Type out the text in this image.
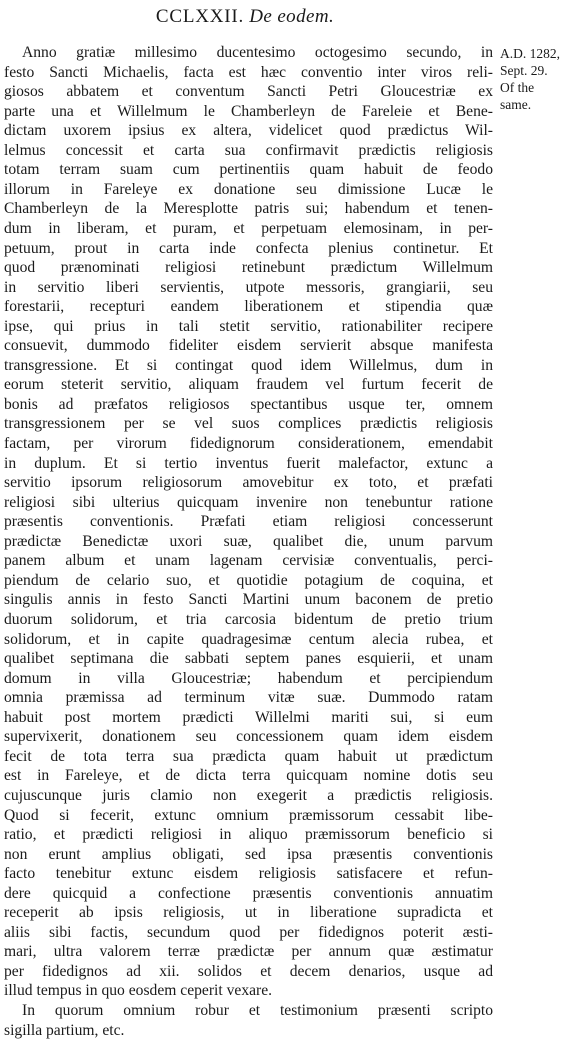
CCLXXII. De eodem.
A.D. 1282,
Sept. 29.
Of the
same.
Anno gratiæ millesimo ducentesimo octogesimo secundo, in
festo Sancti Michaelis, facta est hæc conventio inter viros reli-
giosos abbatem et conventum Sancti Petri Gloucestriæ ex
parte una et Willelmum le Chamberleyn de Fareleie et Bene-
dictam uxorem ipsius ex altera, videlicet quod prædictus Wil-
lelmus concessit et carta sua confirmavit prædictis religiosis
totam terram suam cum pertinentiis quam habuit de feodo
illorum in Fareleye ex donatione seu dimissione Lucæ le
Chamberleyn de la Meresplotte patris sui; habendum et tenen-
dum in liberam, et puram, et perpetuam elemosinam, in per-
petuum, prout in carta inde confecta plenius continetur. Et
quod prænominati religiosi retinebunt prædictum Willelmum
in servitio liberi servientis, utpote messoris, grangiarii, seu
forestarii, recepturi eandem liberationem et stipendia quæ
ipse, qui prius in tali stetit servitio, rationabiliter recipere
consuevit, dummodo fideliter eisdem servierit absque manifesta
transgressione. Et si contingat quod idem Willelmus, dum in
eorum steterit servitio, aliquam fraudem vel furtum fecerit de
bonis ad præfatos religiosos spectantibus usque ter, omnem
transgressionem per se vel suos complices prædictis religiosis
factam, per virorum fidedignorum considerationem, emendabit
in duplum. Et si tertio inventus fuerit malefactor, extunc a
servitio ipsorum religiosorum amovebitur ex toto, et præfati
religiosi sibi ulterius quicquam invenire non tenebuntur ratione
præsentis conventionis. Præfati etiam religiosi concesserunt
prædictæ Benedictæ uxori suæ, qualibet die, unum parvum
panem album et unam lagenam cervisiæ conventualis, perci-
piendum de celario suo, et quotidie potagium de coquina, et
singulis annis in festo Sancti Martini unum baconem de pretio
duorum solidorum, et tria carcosia bidentum de pretio trium
solidorum, et in capite quadragesimæ centum alecia rubea, et
qualibet septimana die sabbati septem panes esquierii, et unam
domum in villa Gloucestriæ; habendum et percipiendum
omnia præmissa ad terminum vitæ suæ. Dummodo ratam
habuit post mortem prædicti Willelmi mariti sui, si eum
supervixerit, donationem seu concessionem quam idem eisdem
fecit de tota terra sua prædicta quam habuit ut prædictum
est in Fareleye, et de dicta terra quicquam nomine dotis seu
cujuscunque juris clamio non exegerit a prædictis religiosis.
Quod si fecerit, extunc omnium præmissorum cessabit libe-
ratio, et prædicti religiosi in aliquo præmissorum beneficio si
non erunt amplius obligati, sed ipsa præsentis conventionis
facto tenebitur extunc eisdem religiosis satisfacere et refun-
dere quicquid a confectione præsentis conventionis annuatim
receperit ab ipsis religiosis, ut in liberatione supradicta et
aliis sibi factis, secundum quod per fidedignos poterit æsti-
mari, ultra valorem terræ prædictæ per annum quæ æstimatur
per fidedignos ad xii. solidos et decem denarios, usque ad
illud tempus in quo eosdem ceperit vexare.
In quorum omnium robur et testimonium præsenti scripto
sigilla partium, etc.
